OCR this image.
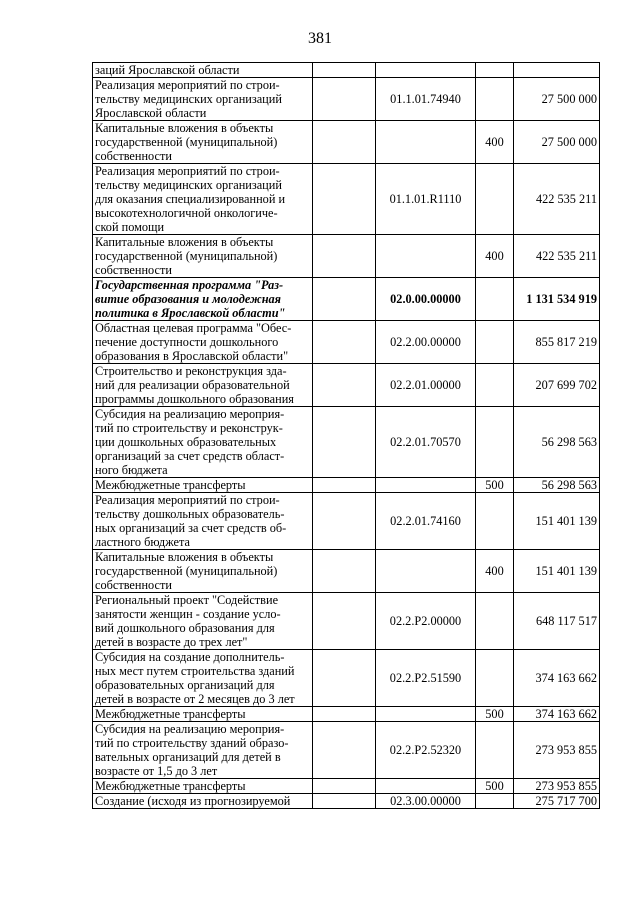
381
заций Ярославской области				

Реализация мероприятий по строи-
тельству медицинских организаций
Ярославской области		01.1.01.74940		27 500 000

Капитальные вложения в объекты
государственной (муниципальной)
собственности			400	27 500 000

Реализация мероприятий по строи-
тельству медицинских организаций
для оказания специализированной и
высокотехнологичной онкологиче-
ской помощи		01.1.01.R1110		422 535 211

Капитальные вложения в объекты
государственной (муниципальной)
собственности			400	422 535 211

Государственная программа "Раз-
витие образования и молодежная
политика в Ярославской области"		02.0.00.00000		1 131 534 919

Областная целевая программа "Обес-
печение доступности дошкольного
образования в Ярославской области"		02.2.00.00000		855 817 219

Строительство и реконструкция зда-
ний для реализации образовательной
программы дошкольного образования		02.2.01.00000		207 699 702

Субсидия на реализацию мероприя-
тий по строительству и реконструк-
ции дошкольных образовательных
организаций за счет средств област-
ного бюджета		02.2.01.70570		56 298 563

Межбюджетные трансферты			500	56 298 563

Реализация мероприятий по строи-
тельству дошкольных образователь-
ных организаций за счет средств об-
ластного бюджета		02.2.01.74160		151 401 139

Капитальные вложения в объекты
государственной (муниципальной)
собственности			400	151 401 139

Региональный проект "Содействие
занятости женщин - создание усло-
вий дошкольного образования для
детей в возрасте до трех лет"		02.2.P2.00000		648 117 517

Субсидия на создание дополнитель-
ных мест путем строительства зданий
образовательных организаций для
детей в возрасте от 2 месяцев до 3 лет		02.2.P2.51590		374 163 662

Межбюджетные трансферты			500	374 163 662

Субсидия на реализацию мероприя-
тий по строительству зданий образо-
вательных организаций для детей в
возрасте от 1,5 до 3 лет		02.2.P2.52320		273 953 855

Межбюджетные трансферты			500	273 953 855

Создание (исходя из прогнозируемой		02.3.00.00000		275 717 700
